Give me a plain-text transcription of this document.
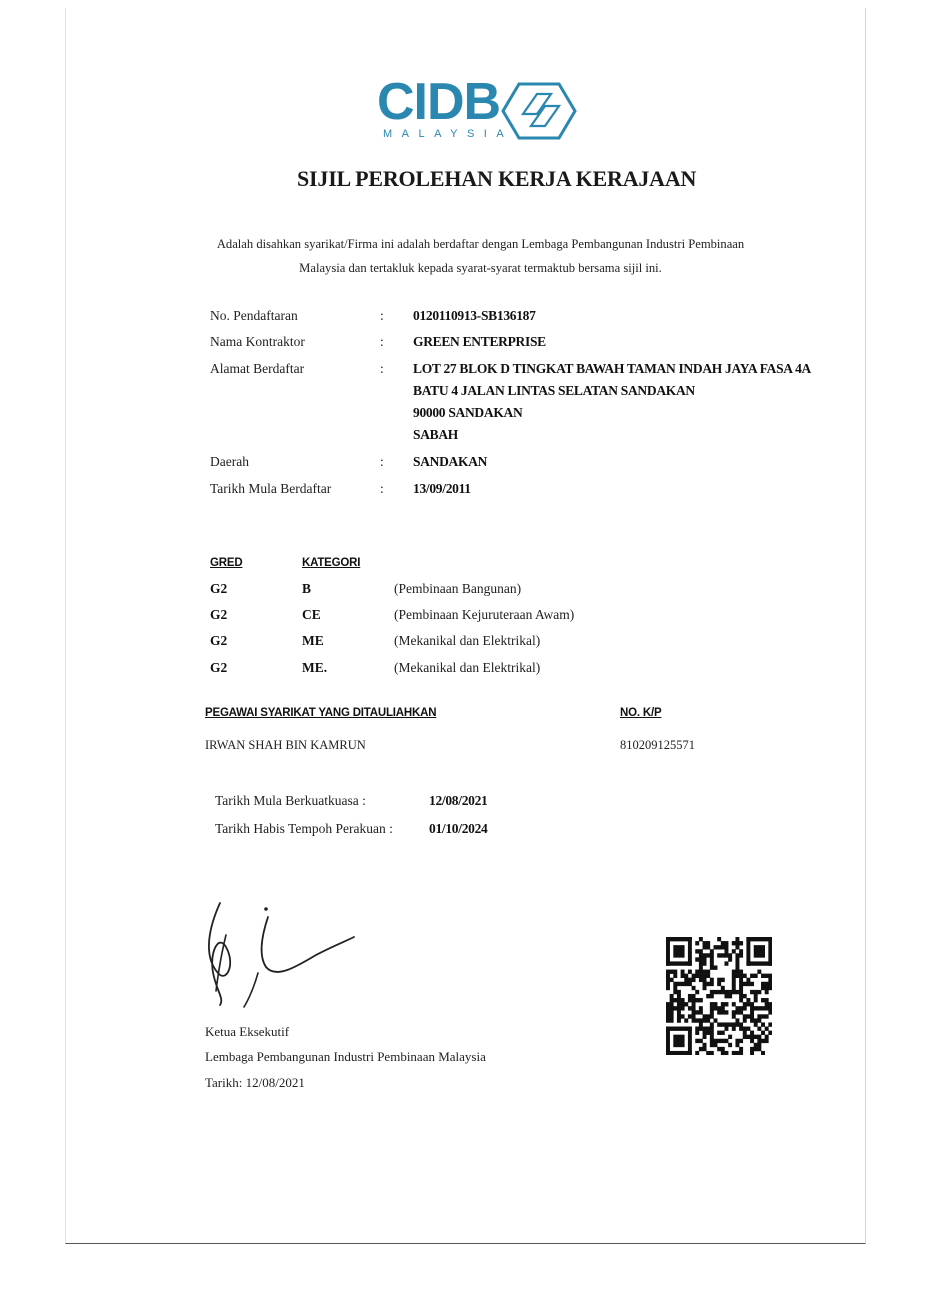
CIDB
MALAYSIA
SIJIL PEROLEHAN KERJA KERAJAAN
Adalah disahkan syarikat/Firma ini adalah berdaftar dengan Lembaga Pembangunan Industri Pembinaan
Malaysia dan tertakluk kepada syarat-syarat termaktub bersama sijil ini.
No. Pendaftaran	: 0120110913-SB136187
Nama Kontraktor	: GREEN ENTERPRISE
Alamat Berdaftar	: LOT 27 BLOK D TINGKAT BAWAH TAMAN INDAH JAYA FASA 4A
BATU 4 JALAN LINTAS SELATAN SANDAKAN
90000 SANDAKAN
SABAH
Daerah	: SANDAKAN
Tarikh Mula Berdaftar	: 13/09/2011
GRED	KATEGORI
G2	B	(Pembinaan Bangunan)
G2	CE	(Pembinaan Kejuruteraan Awam)
G2	ME	(Mekanikal dan Elektrikal)
G2	ME.	(Mekanikal dan Elektrikal)
PEGAWAI SYARIKAT YANG DITAULIAHKAN	NO. K/P
IRWAN SHAH BIN KAMRUN	810209125571
Tarikh Mula Berkuatkuasa :	12/08/2021
Tarikh Habis Tempoh Perakuan :	01/10/2024
Ketua Eksekutif
Lembaga Pembangunan Industri Pembinaan Malaysia
Tarikh: 12/08/2021
